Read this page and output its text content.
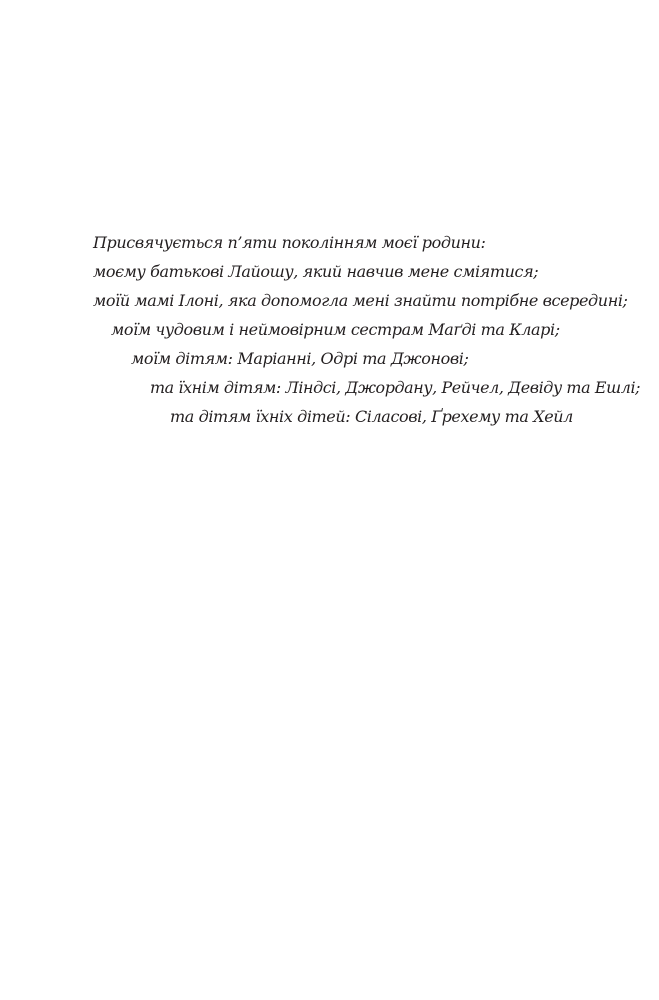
Присвячується п’яти поколінням моєї родини:
моєму батькові Лайошу, який навчив мене сміятися;
моїй мамі Ілоні, яка допомогла мені знайти потрібне всередині;
моїм чудовим і неймовірним сестрам Маґді та Кларі;
моїм дітям: Маріанні, Одрі та Джонові;
та їхнім дітям: Ліндсі, Джордану, Рейчел, Девіду та Ешлі;
та дітям їхніх дітей: Сіласові, Ґрехему та Хейл
